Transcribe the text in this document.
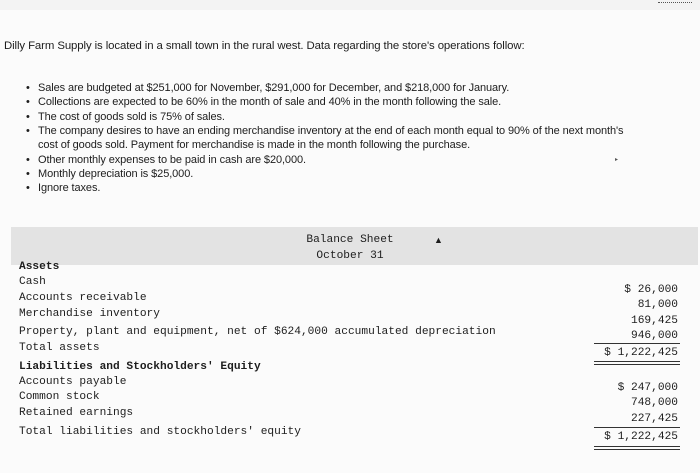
Dilly Farm Supply is located in a small town in the rural west. Data regarding the store's operations follow:
• Sales are budgeted at $251,000 for November, $291,000 for December, and $218,000 for January.
• Collections are expected to be 60% in the month of sale and 40% in the month following the sale.
• The cost of goods sold is 75% of sales.
• The company desires to have an ending merchandise inventory at the end of each month equal to 90% of the next month's cost of goods sold. Payment for merchandise is made in the month following the purchase.
• Other monthly expenses to be paid in cash are $20,000.
• Monthly depreciation is $25,000.
• Ignore taxes.
▸
Balance Sheet
October 31
▲
Assets
Cash
Accounts receivable
Merchandise inventory
Property, plant and equipment, net of $624,000 accumulated depreciation
Total assets
$ 26,000
81,000
169,425
946,000
$ 1,222,425
Liabilities and Stockholders' Equity
Accounts payable
Common stock
Retained earnings
Total liabilities and stockholders' equity
$ 247,000
748,000
227,425
$ 1,222,425
